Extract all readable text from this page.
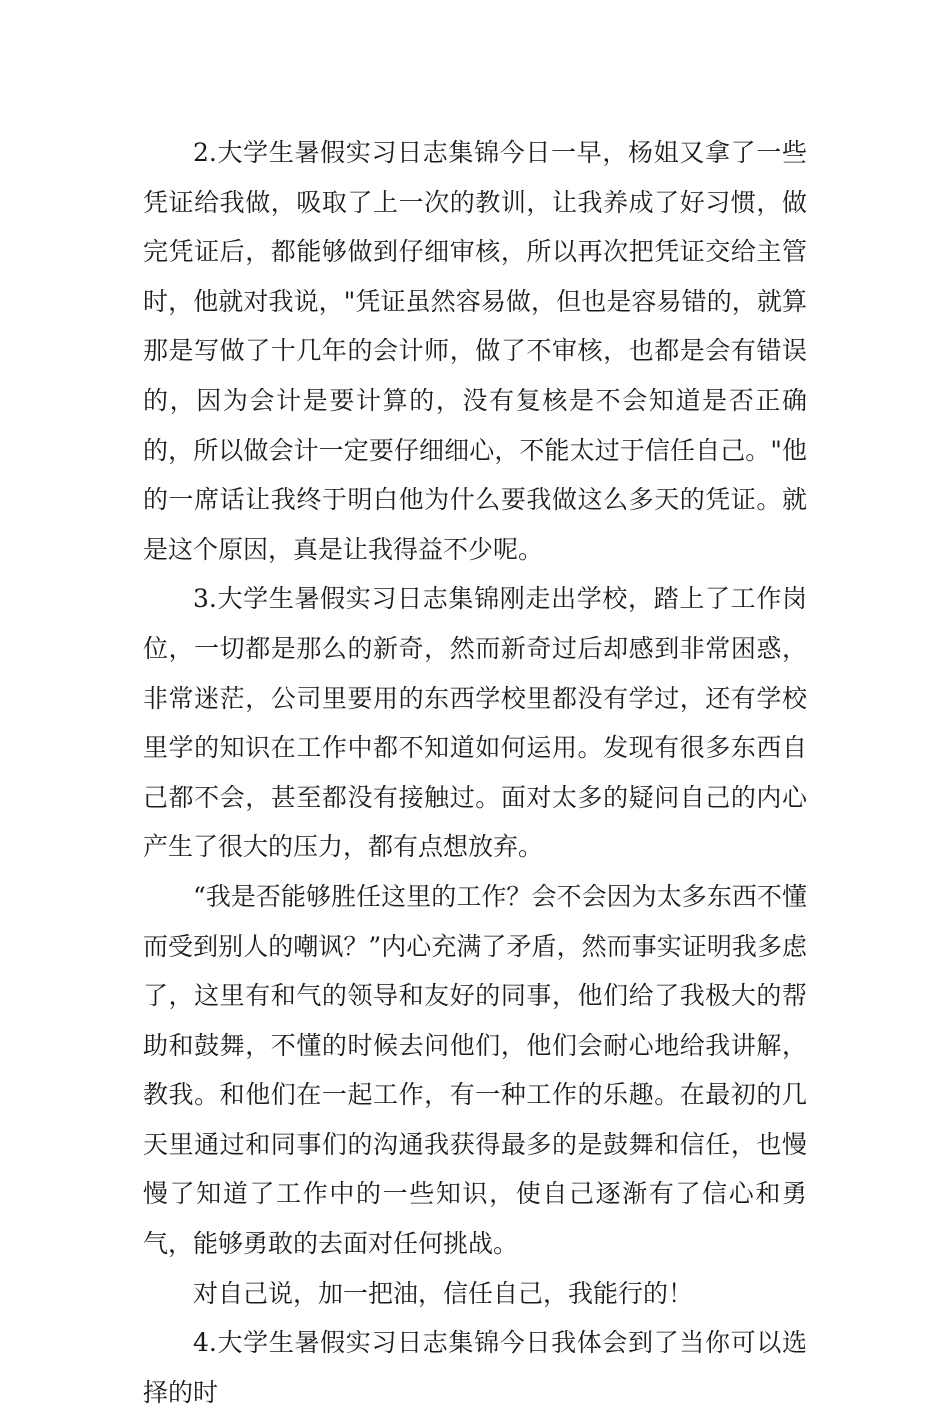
2.大学生暑假实习日志集锦今日一早，杨姐又拿了一些凭证给我做，吸取了上一次的教训，让我养成了好习惯，做完凭证后，都能够做到仔细审核，所以再次把凭证交给主管时，他就对我说，"凭证虽然容易做，但也是容易错的，就算那是写做了十几年的会计师，做了不审核，也都是会有错误的，因为会计是要计算的，没有复核是不会知道是否正确的，所以做会计一定要仔细细心，不能太过于信任自己。"他的一席话让我终于明白他为什么要我做这么多天的凭证。就是这个原因，真是让我得益不少呢。

3.大学生暑假实习日志集锦刚走出学校，踏上了工作岗位，一切都是那么的新奇，然而新奇过后却感到非常困惑，非常迷茫，公司里要用的东西学校里都没有学过，还有学校里学的知识在工作中都不知道如何运用。发现有很多东西自己都不会，甚至都没有接触过。面对太多的疑问自己的内心产生了很大的压力，都有点想放弃。

“我是否能够胜任这里的工作？会不会因为太多东西不懂而受到别人的嘲讽？”内心充满了矛盾，然而事实证明我多虑了，这里有和气的领导和友好的同事，他们给了我极大的帮助和鼓舞，不懂的时候去问他们，他们会耐心地给我讲解，教我。和他们在一起工作，有一种工作的乐趣。在最初的几天里通过和同事们的沟通我获得最多的是鼓舞和信任，也慢慢了知道了工作中的一些知识，使自己逐渐有了信心和勇气，能够勇敢的去面对任何挑战。

对自己说，加一把油，信任自己，我能行的！

4.大学生暑假实习日志集锦今日我体会到了当你可以选择的时
